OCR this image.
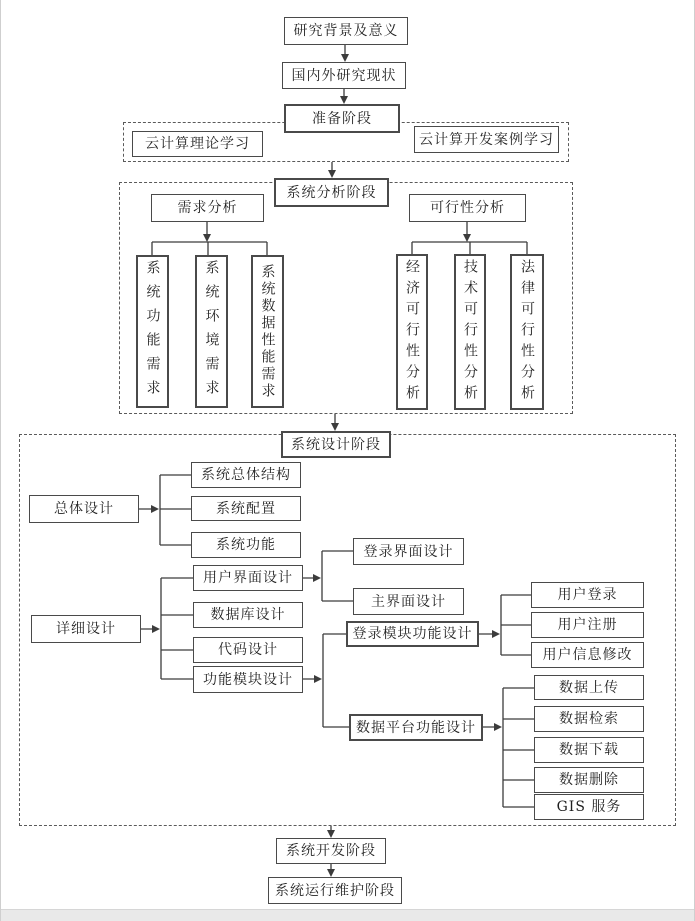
研究背景及意义
国内外研究现状
准备阶段
云计算理论学习	云计算开发案例学习
系统分析阶段
需求分析	可行性分析
系统功能需求	系统环境需求	系统数据性能需求	经济可行性分析	技术可行性分析	法律可行性分析
系统设计阶段
总体设计
系统总体结构
系统配置
系统功能
详细设计
用户界面设计
数据库设计
代码设计
功能模块设计
登录界面设计
主界面设计
登录模块功能设计
数据平台功能设计
用户登录
用户注册
用户信息修改
数据上传
数据检索
数据下载
数据删除
GIS 服务
系统开发阶段
系统运行维护阶段
